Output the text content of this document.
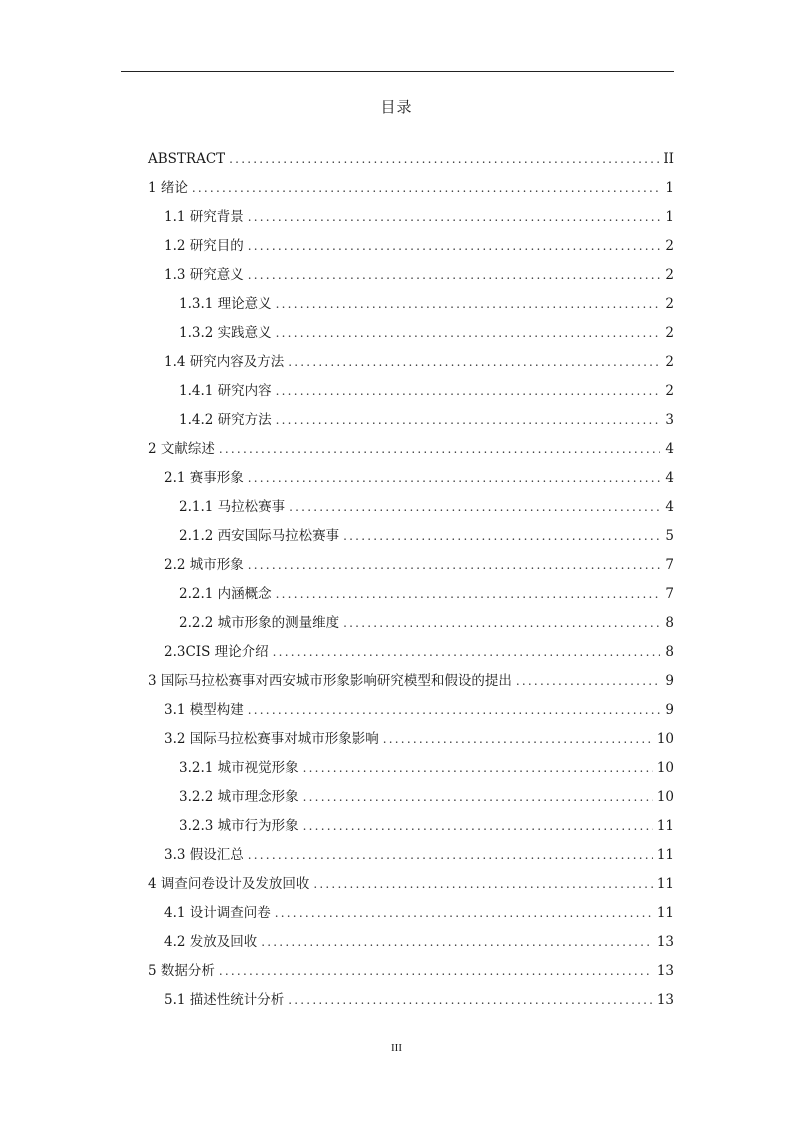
目录
ABSTRACT .....	II
1 绪论 .....	1
1.1 研究背景 .....	1
1.2 研究目的 .....	2
1.3 研究意义 .....	2
1.3.1 理论意义 .....	2
1.3.2 实践意义 .....	2
1.4 研究内容及方法 .....	2
1.4.1 研究内容 .....	2
1.4.2 研究方法 .....	3
2 文献综述 .....	4
2.1 赛事形象 .....	4
2.1.1 马拉松赛事 .....	4
2.1.2 西安国际马拉松赛事 .....	5
2.2 城市形象 .....	7
2.2.1 内涵概念 .....	7
2.2.2 城市形象的测量维度 .....	8
2.3CIS 理论介绍 .....	8
3 国际马拉松赛事对西安城市形象影响研究模型和假设的提出 .....	9
3.1 模型构建 .....	9
3.2 国际马拉松赛事对城市形象影响 .....	10
3.2.1 城市视觉形象 .....	10
3.2.2 城市理念形象 .....	10
3.2.3 城市行为形象 .....	11
3.3 假设汇总 .....	11
4 调查问卷设计及发放回收 .....	11
4.1 设计调查问卷 .....	11
4.2 发放及回收 .....	13
5 数据分析 .....	13
5.1 描述性统计分析 .....	13
III
